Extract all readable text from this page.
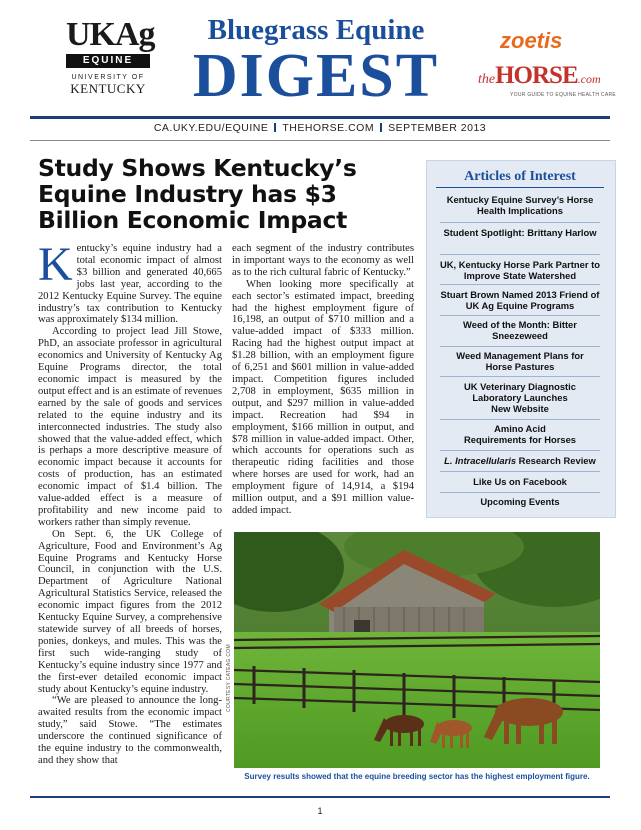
UKAg
EQUINE
UNIVERSITY OF
KENTUCKY
Bluegrass Equine
DIGEST
zoetis
theHORSE.com
YOUR GUIDE TO EQUINE HEALTH CARE
CA.UKY.EDU/EQUINE THEHORSE.COM SEPTEMBER 2013
Study Shows Kentucky’s Equine Industry has $3 Billion Economic Impact

Kentucky’s equine industry had a total economic impact of almost $3 billion and generated 40,665 jobs last year, according to the 2012 Kentucky Equine Survey. The equine industry’s tax contribution to Kentucky was approximately $134 million.

According to project lead Jill Stowe, PhD, an associate professor in agricultural economics and University of Kentucky Ag Equine Programs director, the total economic impact is measured by the output effect and is an estimate of revenues earned by the sale of goods and services related to the equine industry and its interconnected industries. The study also showed that the value-added effect, which is perhaps a more descriptive measure of economic impact because it accounts for costs of production, has an estimated economic impact of $1.4 billion. The value-added effect is a measure of profitability and new income paid to workers rather than simply revenue.

On Sept. 6, the UK College of Agriculture, Food and Environment’s Ag Equine Programs and Kentucky Horse Council, in conjunction with the U.S. Department of Agriculture National Agricultural Statistics Service, released the economic impact figures from the 2012 Kentucky Equine Survey, a comprehensive statewide survey of all breeds of horses, ponies, donkeys, and mules. This was the first such wide-ranging study of Kentucky’s equine industry since 1977 and the first-ever detailed economic impact study about Kentucky’s equine industry.

“We are pleased to announce the long-awaited results from the economic impact study,” said Stowe. “The estimates underscore the continued significance of the equine industry to the commonwealth, and they show that

each segment of the industry contributes in important ways to the economy as well as to the rich cultural fabric of Kentucky.”

When looking more specifically at each sector’s estimated impact, breeding had the highest employment figure of 16,198, an output of $710 million and a value-added impact of $333 million. Racing had the highest output impact at $1.28 billion, with an employment figure of 6,251 and $601 million in value-added impact. Competition figures included 2,708 in employment, $635 million in output, and $297 million in value-added impact. Recreation had $94 in employment, $166 million in output, and $78 million in value-added impact. Other, which accounts for operations such as therapeutic riding facilities and those where horses are used for work, had an employment figure of 14,914, a $194 million output, and a $91 million value-added impact.

Articles of Interest
Kentucky Equine Survey’s Horse Health Implications
Student Spotlight: Brittany Harlow
UK, Kentucky Horse Park Partner to Improve State Watershed
Stuart Brown Named 2013 Friend of UK Ag Equine Programs
Weed of the Month: Bitter Sneezeweed
Weed Management Plans for Horse Pastures
UK Veterinary Diagnostic Laboratory Launches New Website
Amino Acid Requirements for Horses
L. Intracellularis Research Review
Like Us on Facebook
Upcoming Events
COURTESY CATEAG.COM
Survey results showed that the equine breeding sector has the highest employment figure.
1
